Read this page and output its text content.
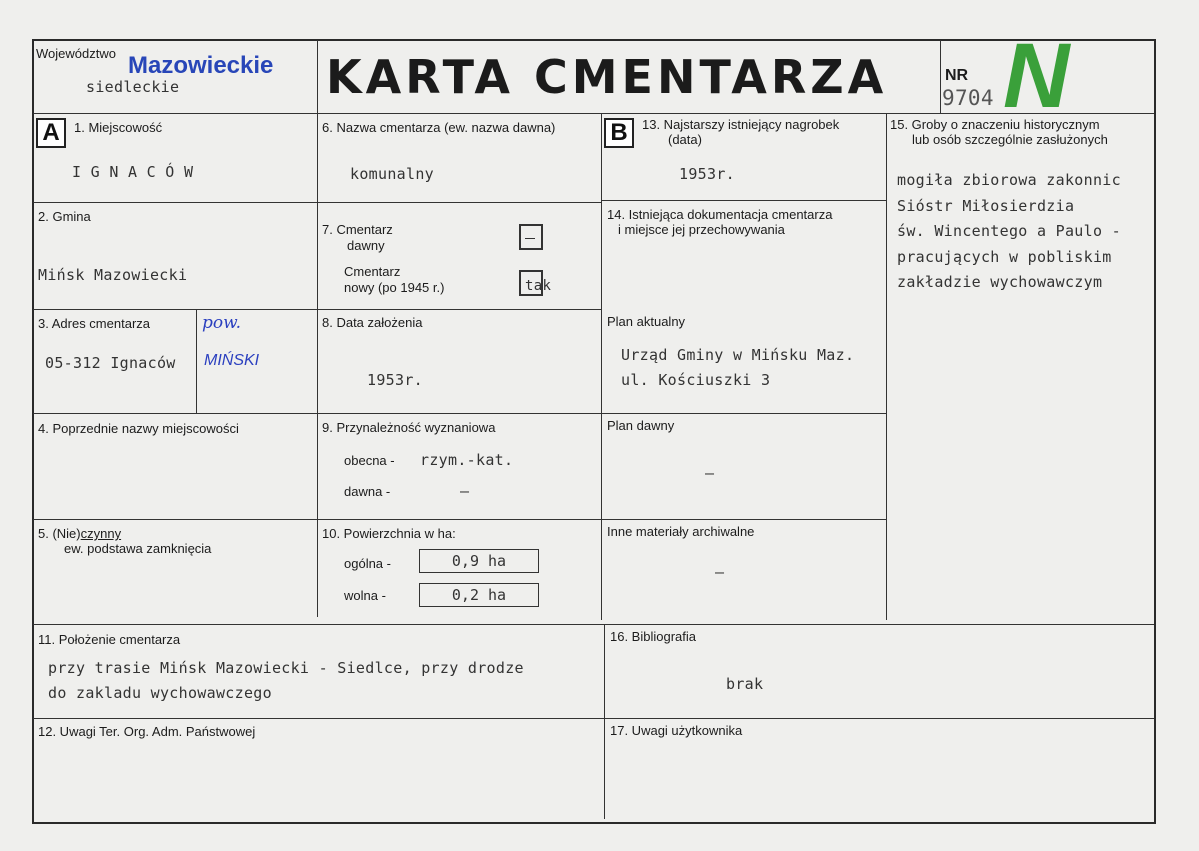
Województwo Mazowieckie
siedleckie	KARTA CMENTARZA	NR
9704 N
A	B
1. Miejscowość
I G N A C Ó W
2. Gmina
Mińsk Mazowiecki
3. Adres cmentarza
05-312 Ignaców
pow.
MIŃSKI
4. Poprzednie nazwy miejscowości
5. (Nie)czynny
ew. podstawa zamknięcia
6. Nazwa cmentarza (ew. nazwa dawna)
komunalny
7. Cmentarz
dawny
Cmentarz
nowy (po 1945 r.)	tak
8. Data założenia
1953r.
9. Przynależność wyznaniowa
obecna - rzym.-kat.
dawna -	–
10. Powierzchnia w ha:
ogólna -	0,9 ha
wolna -	0,2 ha
11. Położenie cmentarza
przy trasie Mińsk Mazowiecki - Siedlce, przy drodze
do zakladu wychowawczego
12. Uwagi Ter. Org. Adm. Państwowej
13. Najstarszy istniejący nagrobek
(data)
1953r.
14. Istniejąca dokumentacja cmentarza
i miejsce jej przechowywania
Plan aktualny
Urząd Gminy w Mińsku Maz.
ul. Kościuszki 3
Plan dawny
–
Inne materiały archiwalne
–
15. Groby o znaczeniu historycznym
lub osób szczególnie zasłużonych
mogiła zbiorowa zakonnic
Sióstr Miłosierdzia
św. Wincentego a Paulo -
pracujących w pobliskim
zakładzie wychowawczym
16. Bibliografia
brak
17. Uwagi użytkownika
